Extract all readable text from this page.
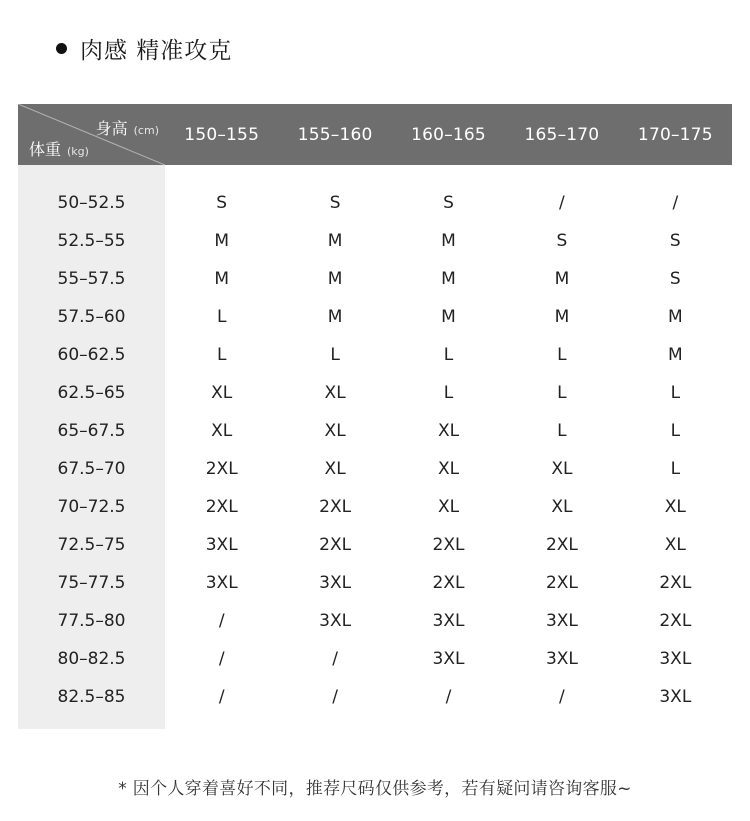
肉感 精准攻克
身高 (cm)
体重 (kg)
150–155	155–160	160–165	165–170	170–175
50–52.5	S	S	S	/	/
52.5–55	M	M	M	S	S
55–57.5	M	M	M	M	S
57.5–60	L	M	M	M	M
60–62.5	L	L	L	L	M
62.5–65	XL	XL	L	L	L
65–67.5	XL	XL	XL	L	L
67.5–70	2XL	XL	XL	XL	L
70–72.5	2XL	2XL	XL	XL	XL
72.5–75	3XL	2XL	2XL	2XL	XL
75–77.5	3XL	3XL	2XL	2XL	2XL
77.5–80	/	3XL	3XL	3XL	2XL
80–82.5	/	/	3XL	3XL	3XL
82.5–85	/	/	/	/	3XL
* 因个人穿着喜好不同，推荐尺码仅供参考，若有疑问请咨询客服~
